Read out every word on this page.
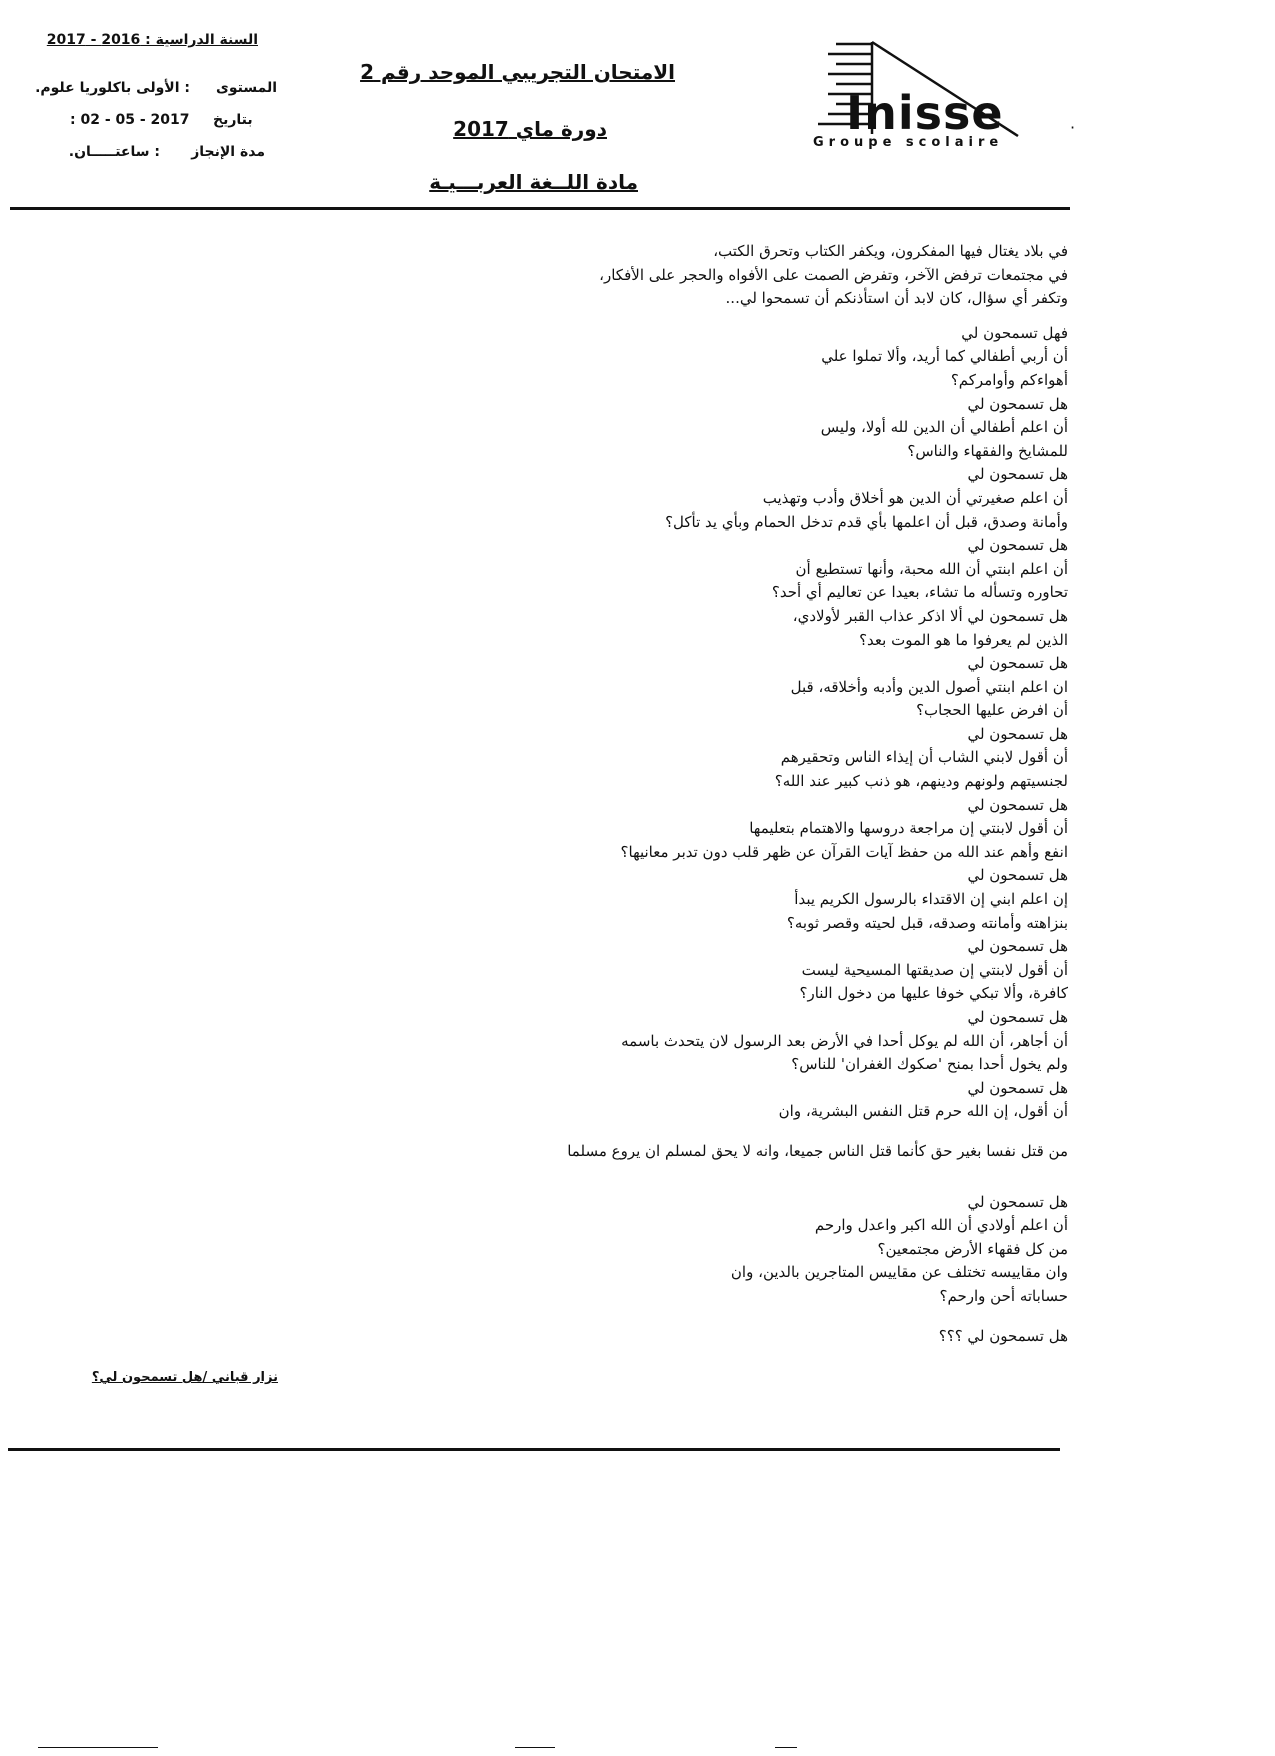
السنة الدراسية : 2016 - 2017
المستوى
: الأولى باكلوريا علوم.
بتاريخ
: 02 - 05 - 2017
مدة الإنجاز
: ساعتـــــان.
الامتحان التجريبي الموحد رقم 2
دورة ماي 2017
مادة اللــغة العربـــيـة
Inisse
Groupe scolaire
·
في بلاد يغتال فيها المفكرون، ويكفر الكتاب وتحرق الكتب،
في مجتمعات ترفض الآخر، وتفرض الصمت على الأفواه والحجر على الأفكار،
وتكفر أي سؤال، كان لابد أن استأذنكم أن تسمحوا لي...
فهل تسمحون لي
أن أربي أطفالي كما أريد، وألا تملوا علي
أهواءكم وأوامركم؟
هل تسمحون لي
أن اعلم أطفالي أن الدين لله أولا، وليس
للمشايخ والفقهاء والناس؟
هل تسمحون لي
أن اعلم صغيرتي أن الدين هو أخلاق وأدب وتهذيب
وأمانة وصدق، قبل أن اعلمها بأي قدم تدخل الحمام وبأي يد تأكل؟
هل تسمحون لي
أن اعلم ابنتي أن الله محبة، وأنها تستطيع أن
تحاوره وتسأله ما تشاء، بعيدا عن تعاليم أي أحد؟
هل تسمحون لي ألا اذكر عذاب القبر لأولادي،
الذين لم يعرفوا ما هو الموت بعد؟
هل تسمحون لي
ان اعلم ابنتي أصول الدين وأدبه وأخلاقه، قبل
أن افرض عليها الحجاب؟
هل تسمحون لي
أن أقول لابني الشاب أن إيذاء الناس وتحقيرهم
لجنسيتهم ولونهم ودينهم، هو ذنب كبير عند الله؟
هل تسمحون لي
أن أقول لابنتي إن مراجعة دروسها والاهتمام بتعليمها
انفع وأهم عند الله من حفظ آيات القرآن عن ظهر قلب دون تدبر معانيها؟
هل تسمحون لي
إن اعلم ابني إن الاقتداء بالرسول الكريم يبدأ
بنزاهته وأمانته وصدقه، قبل لحيته وقصر ثوبه؟
هل تسمحون لي
أن أقول لابنتي إن صديقتها المسيحية ليست
كافرة، وألا تبكي خوفا عليها من دخول النار؟
هل تسمحون لي
أن أجاهر، أن الله لم يوكل أحدا في الأرض بعد الرسول لان يتحدث باسمه
ولم يخول أحدا بمنح 'صكوك الغفران' للناس؟
هل تسمحون لي
أن أقول، إن الله حرم قتل النفس البشرية، وان
من قتل نفسا بغير حق كأنما قتل الناس جميعا، وانه لا يحق لمسلم ان يروع مسلما
هل تسمحون لي
أن اعلم أولادي أن الله اكبر واعدل وارحم
من كل فقهاء الأرض مجتمعين؟
وان مقاييسه تختلف عن مقاييس المتاجرين بالدين، وان
حساباته أحن وارحم؟
هل تسمحون لي ؟؟؟
نزار قباني /هل تسمحون لي؟
